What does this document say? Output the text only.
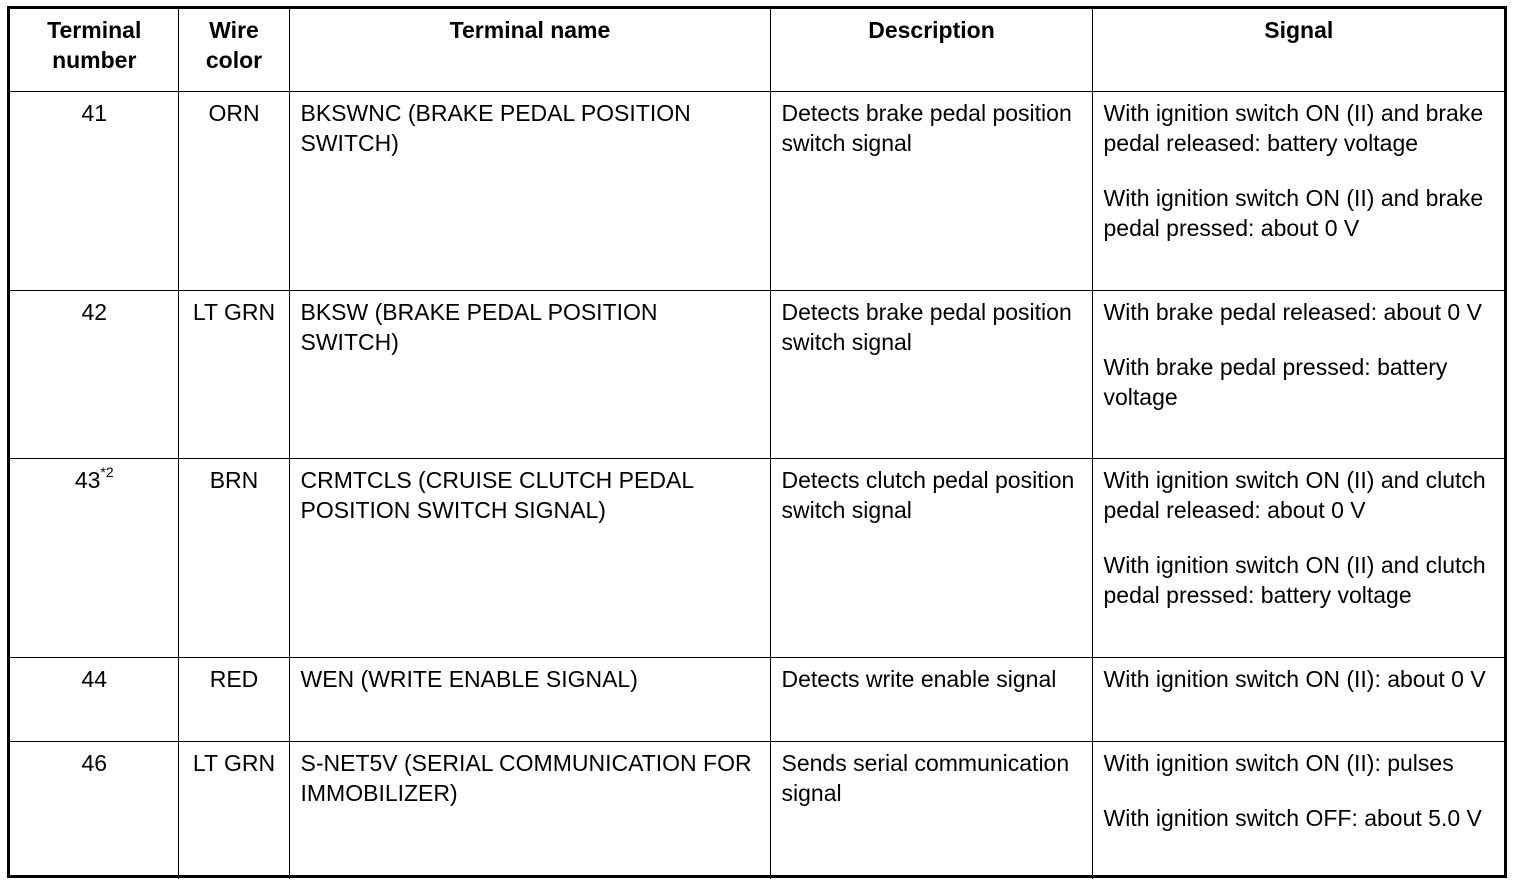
Terminal number	Wire color	Terminal name	Description	Signal
41	ORN	BKSWNC (BRAKE PEDAL POSITION SWITCH)	Detects brake pedal position switch signal	With ignition switch ON (II) and brake pedal released: battery voltage

With ignition switch ON (II) and brake pedal pressed: about 0 V

42	LT GRN	BKSW (BRAKE PEDAL POSITION SWITCH)	Detects brake pedal position switch signal	With brake pedal released: about 0 V

With brake pedal pressed: battery voltage

43$^{*2}$	BRN	CRMTCLS (CRUISE CLUTCH PEDAL POSITION SWITCH SIGNAL)	Detects clutch pedal position switch signal	With ignition switch ON (II) and clutch pedal released: about 0 V

With ignition switch ON (II) and clutch pedal pressed: battery voltage

44	RED	WEN (WRITE ENABLE SIGNAL)	Detects write enable signal	With ignition switch ON (II): about 0 V

46	LT GRN	S-NET5V (SERIAL COMMUNICATION FOR IMMOBILIZER)	Sends serial communication signal	With ignition switch ON (II): pulses

With ignition switch OFF: about 5.0 V
